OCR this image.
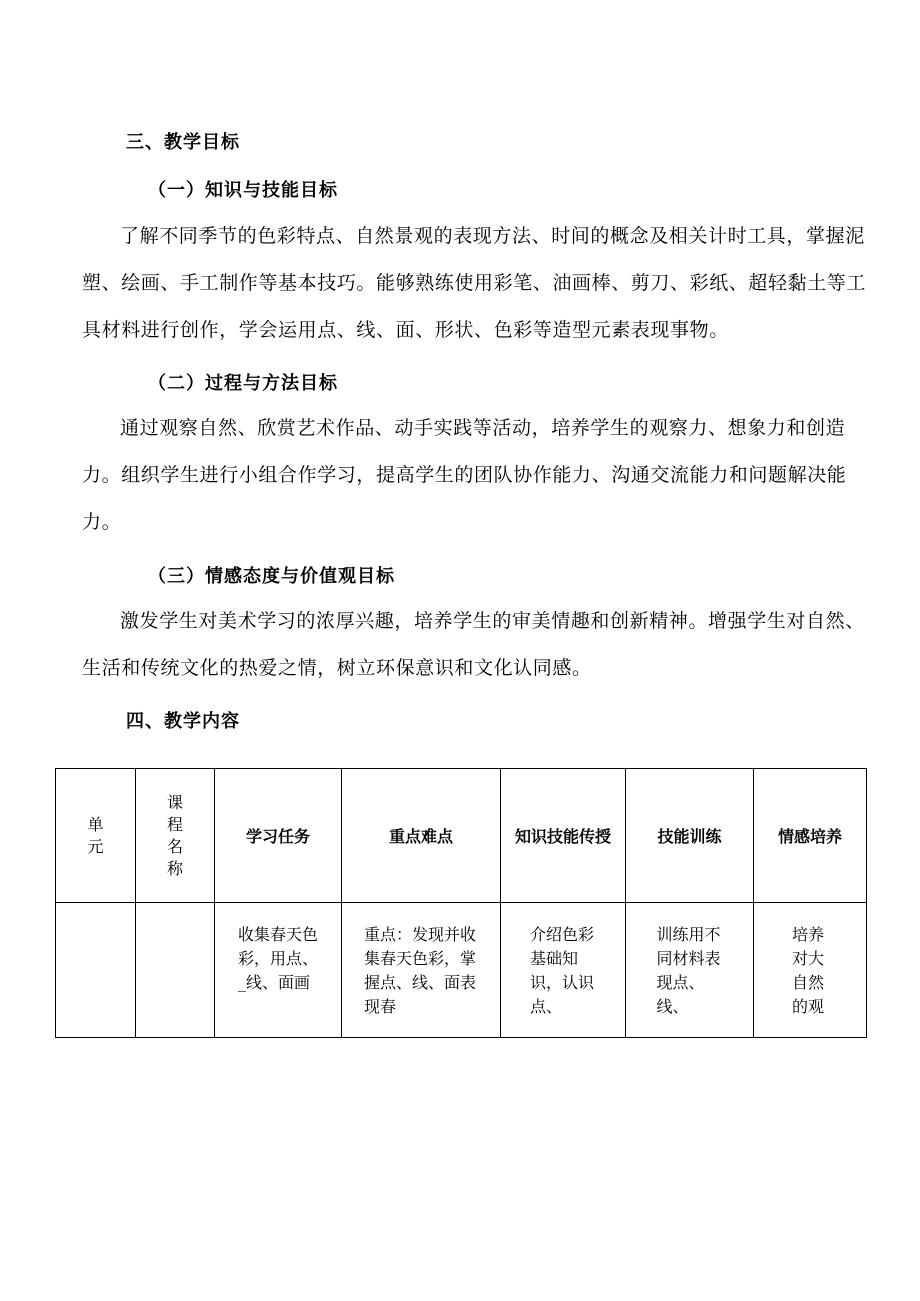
三、教学目标
（一）知识与技能目标

了解不同季节的色彩特点、自然景观的表现方法、时间的概念及相关计时工具，掌握泥塑、绘画、手工制作等基本技巧。能够熟练使用彩笔、油画棒、剪刀、彩纸、超轻黏土等工具材料进行创作，学会运用点、线、面、形状、色彩等造型元素表现事物。

（二）过程与方法目标

通过观察自然、欣赏艺术作品、动手实践等活动，培养学生的观察力、想象力和创造力。组织学生进行小组合作学习，提高学生的团队协作能力、沟通交流能力和问题解决能力。

（三）情感态度与价值观目标

激发学生对美术学习的浓厚兴趣，培养学生的审美情趣和创新精神。增强学生对自然、生活和传统文化的热爱之情，树立环保意识和文化认同感。

四、教学内容
单元	课程名称	学习任务	重点难点	知识技能传授	技能训练	情感培养

		收集春天色彩，用点、_线、面画	重点：发现并收集春天色彩，掌握点、线、面表现春	介绍色彩基础知识，认识点、	训练用不同材料表现点、线、	培养对大自然的观
